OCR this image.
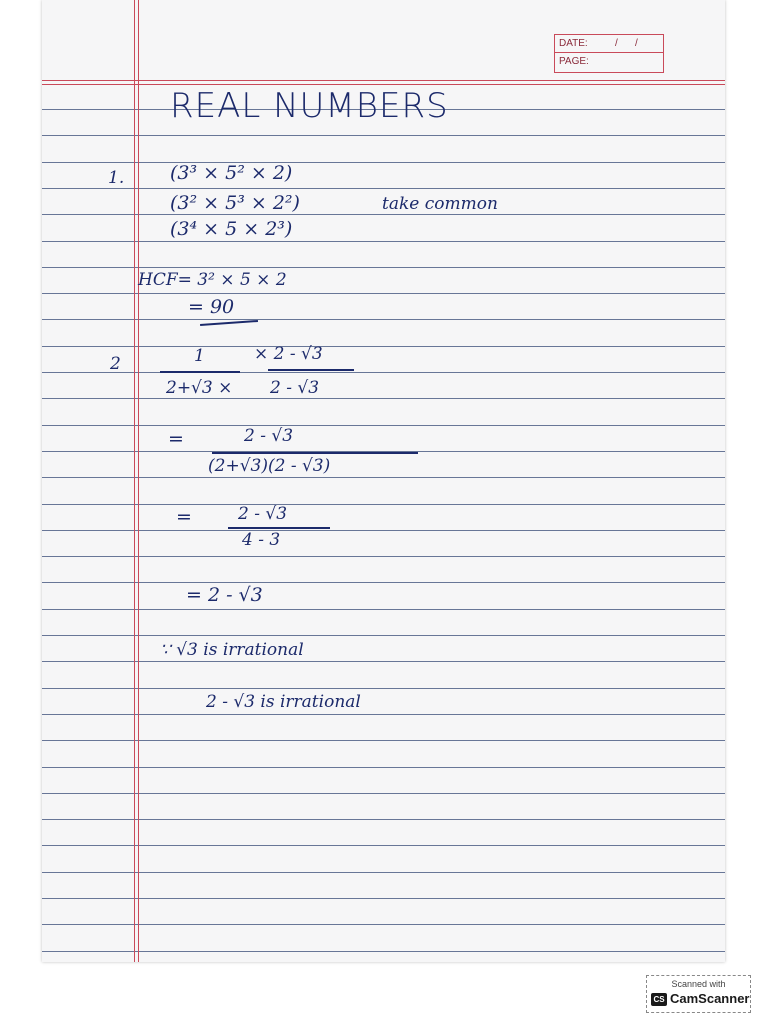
DATE:	/ /
PAGE:
REAL NUMBERS
1. (3³ × 5² × 2)
(3² × 5³ × 2²)	take common
(3⁴ × 5 × 2³)
HCF= 3² × 5 × 2
= 90
2	1
2+√3 ×
× 2 - √3
2 - √3
=	2 - √3
(2+√3)(2 - √3)
=	2 - √3
4 - 3
= 2 - √3
∵ √3 is irrational
2 - √3 is irrational
Scanned with
CS CamScanner
